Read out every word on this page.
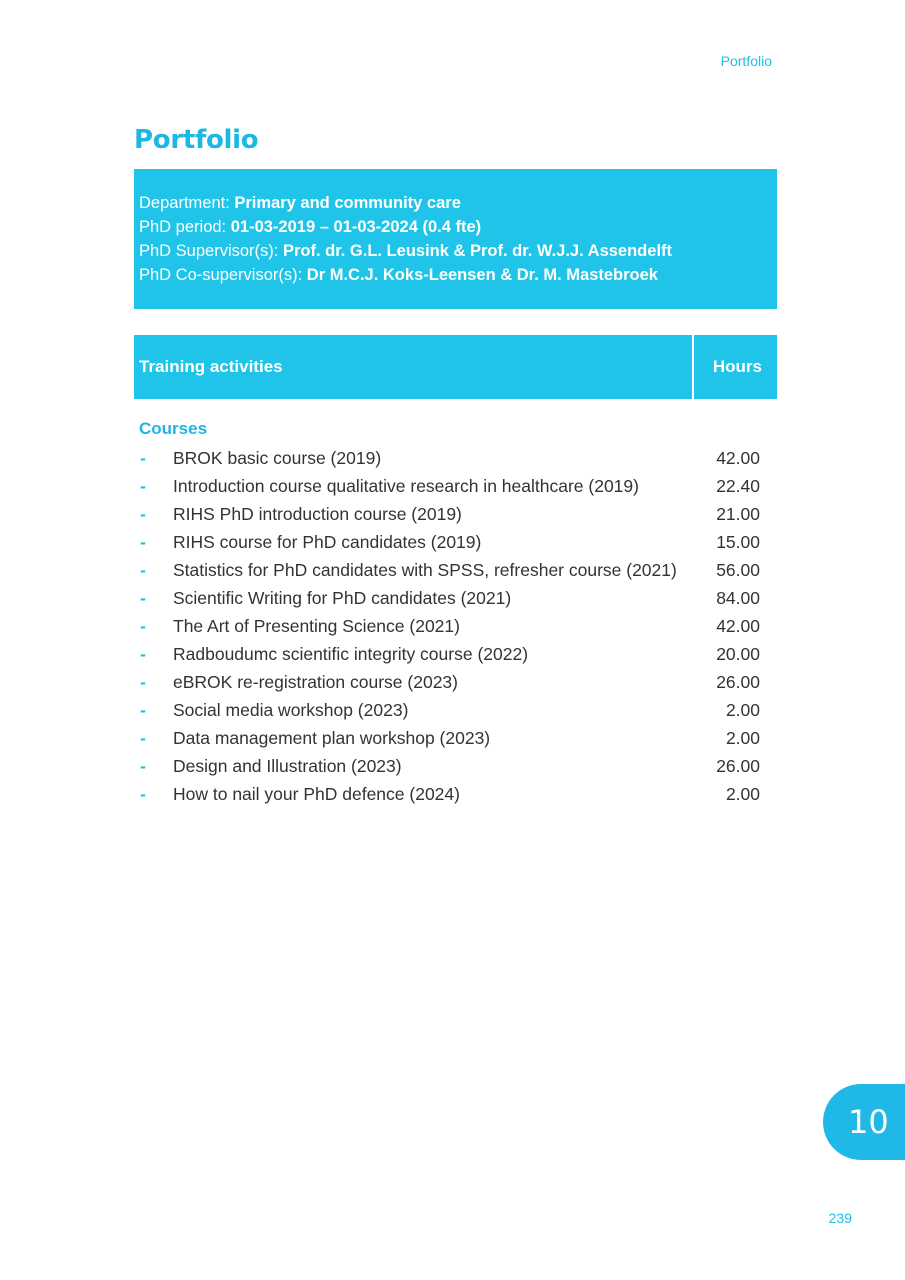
Portfolio
Portfolio
Department: Primary and community care
PhD period: 01-03-2019 – 01-03-2024 (0.4 fte)
PhD Supervisor(s): Prof. dr. G.L. Leusink & Prof. dr. W.J.J. Assendelft
PhD Co-supervisor(s): Dr M.C.J. Koks-Leensen & Dr. M. Mastebroek
Training activities	Hours
Courses
-	BROK basic course (2019)	42.00
-	Introduction course qualitative research in healthcare (2019)	22.40
-	RIHS PhD introduction course (2019)	21.00
-	RIHS course for PhD candidates (2019)	15.00
-	Statistics for PhD candidates with SPSS, refresher course (2021)	56.00
-	Scientific Writing for PhD candidates (2021)	84.00
-	The Art of Presenting Science (2021)	42.00
-	Radboudumc scientific integrity course (2022)	20.00
-	eBROK re-registration course (2023)	26.00
-	Social media workshop (2023)	2.00
-	Data management plan workshop (2023)	2.00
-	Design and Illustration (2023)	26.00
-	How to nail your PhD defence (2024)	2.00
10
239
